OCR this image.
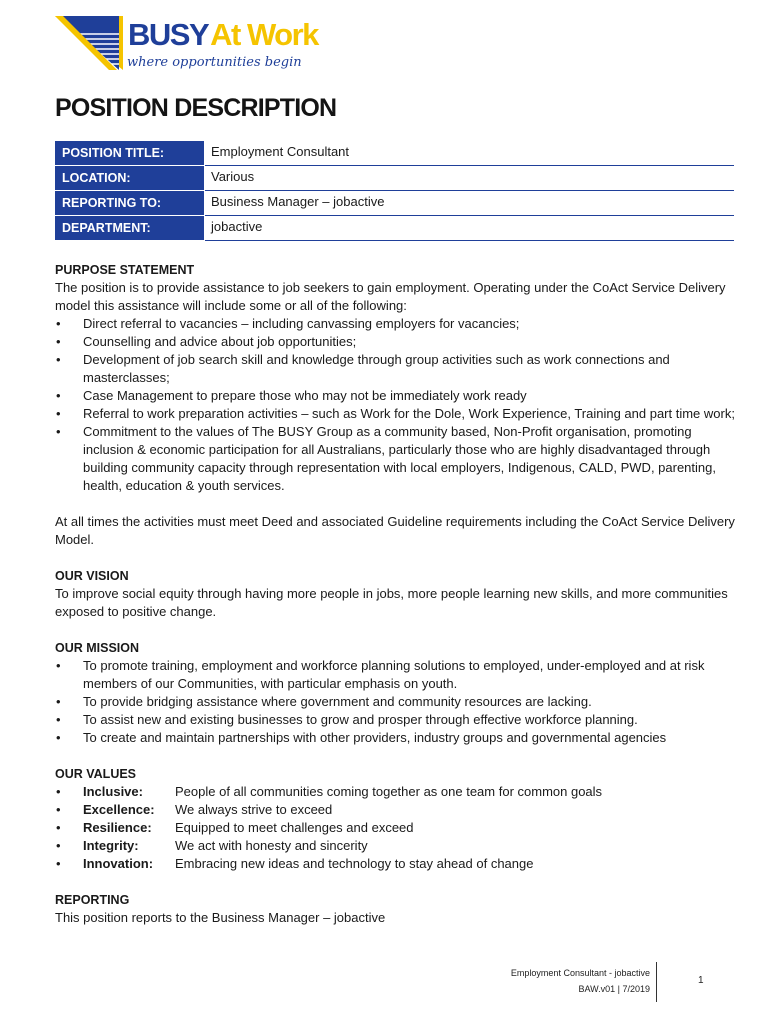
BUSYAt Work
where opportunities begin
POSITION DESCRIPTION
POSITION TITLE:	Employment Consultant
LOCATION:	Various
REPORTING TO:	Business Manager – jobactive
DEPARTMENT:	jobactive
PURPOSE STATEMENT

The position is to provide assistance to job seekers to gain employment. Operating under the CoAct Service Delivery model this assistance will include some or all of the following:

• Direct referral to vacancies – including canvassing employers for vacancies;
• Counselling and advice about job opportunities;
• Development of job search skill and knowledge through group activities such as work connections and masterclasses;
• Case Management to prepare those who may not be immediately work ready
• Referral to work preparation activities – such as Work for the Dole, Work Experience, Training and part time work;
• Commitment to the values of The BUSY Group as a community based, Non-Profit organisation, promoting inclusion & economic participation for all Australians, particularly those who are highly disadvantaged through building community capacity through representation with local employers, Indigenous, CALD, PWD, parenting, health, education & youth services.

At all times the activities must meet Deed and associated Guideline requirements including the CoAct Service Delivery Model.

OUR VISION

To improve social equity through having more people in jobs, more people learning new skills, and more communities exposed to positive change.

OUR MISSION
• To promote training, employment and workforce planning solutions to employed, under-employed and at risk members of our Communities, with particular emphasis on youth.
• To provide bridging assistance where government and community resources are lacking.
• To assist new and existing businesses to grow and prosper through effective workforce planning.
• To create and maintain partnerships with other providers, industry groups and governmental agencies
OUR VALUES
• Inclusive: People of all communities coming together as one team for common goals
• Excellence: We always strive to exceed
• Resilience: Equipped to meet challenges and exceed
• Integrity:	We act with honesty and sincerity
• Innovation: Embracing new ideas and technology to stay ahead of change
REPORTING

This position reports to the Business Manager – jobactive

Employment Consultant - jobactive
BAW.v01 | 7/2019
1
